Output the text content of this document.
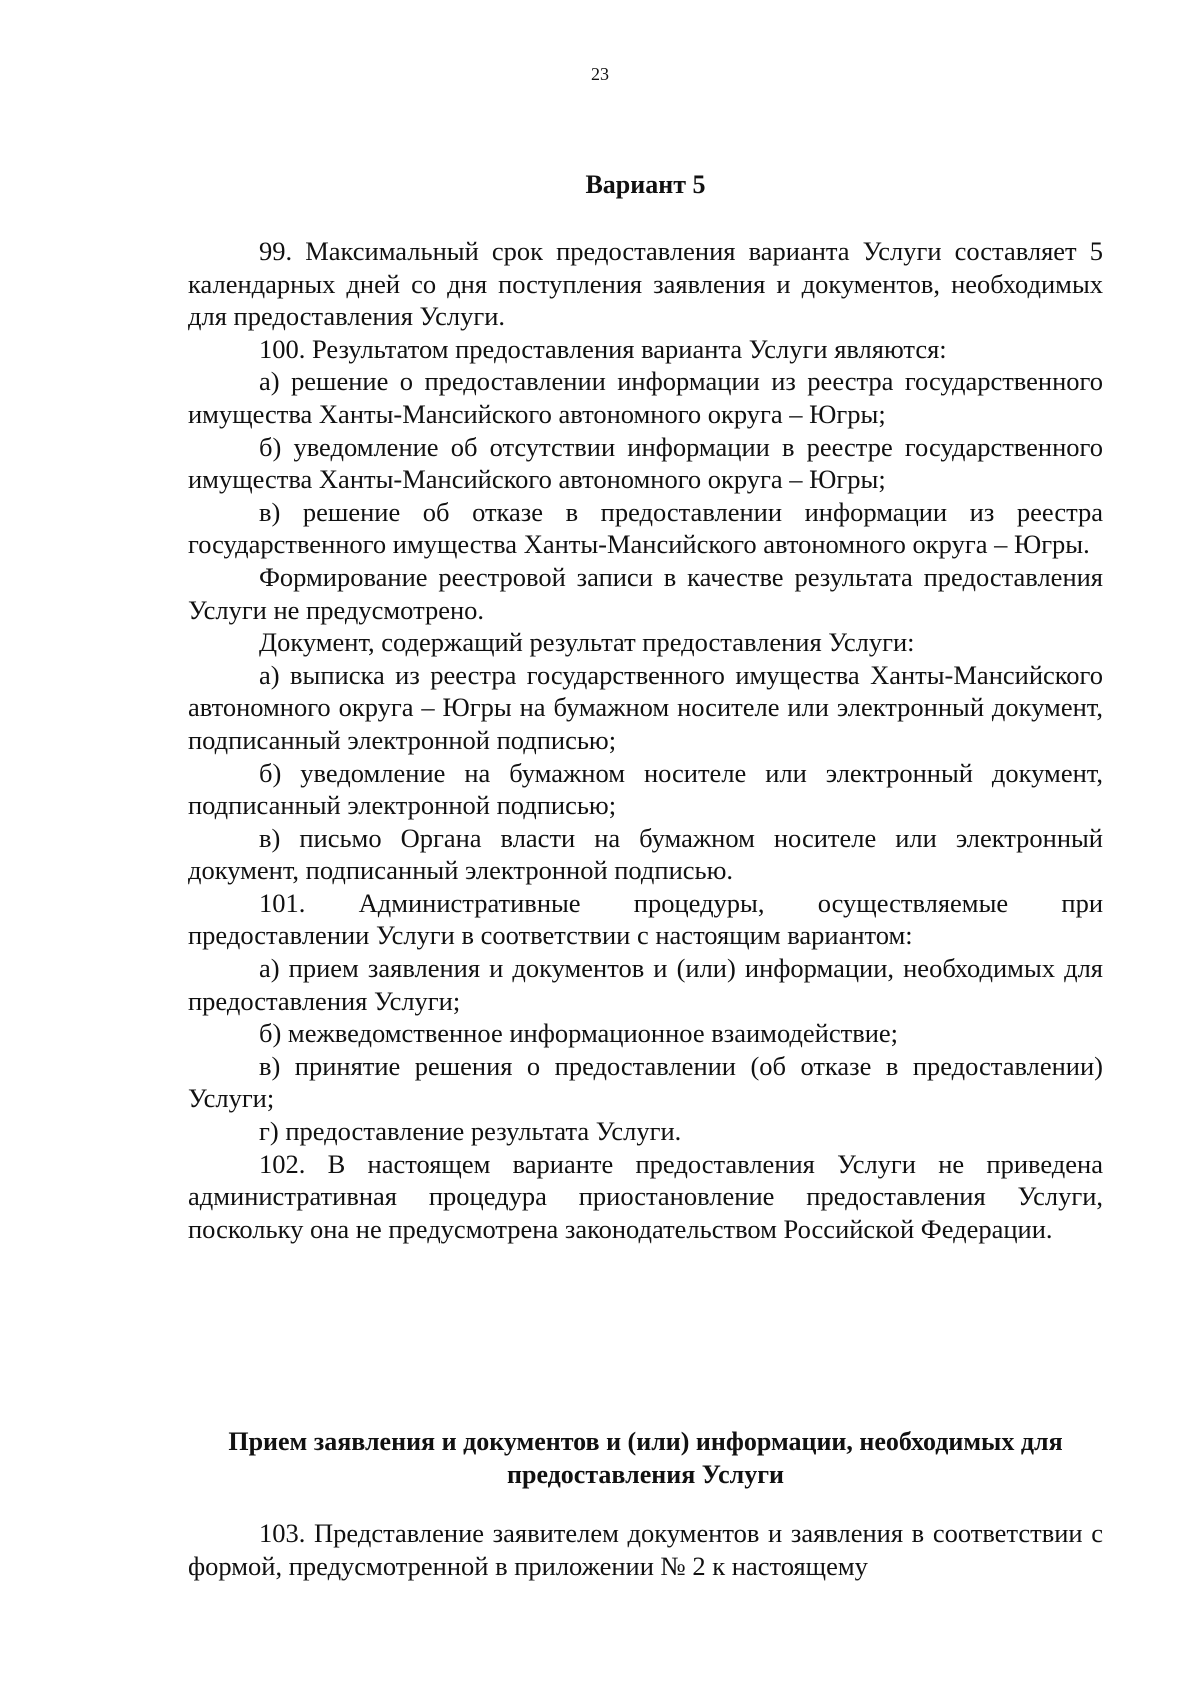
23
Вариант 5

99. Максимальный срок предоставления варианта Услуги составляет 5 календарных дней со дня поступления заявления и документов, необходимых для предоставления Услуги.

100. Результатом предоставления варианта Услуги являются:

а) решение о предоставлении информации из реестра государственного имущества Ханты-Мансийского автономного округа – Югры;

б) уведомление об отсутствии информации в реестре государственного имущества Ханты-Мансийского автономного округа – Югры;

в) решение об отказе в предоставлении информации из реестра государственного имущества Ханты-Мансийского автономного округа – Югры.

Формирование реестровой записи в качестве результата предоставления Услуги не предусмотрено.

Документ, содержащий результат предоставления Услуги:

а) выписка из реестра государственного имущества Ханты-Мансийского автономного округа – Югры на бумажном носителе или электронный документ, подписанный электронной подписью;

б) уведомление на бумажном носителе или электронный документ, подписанный электронной подписью;

в) письмо Органа власти на бумажном носителе или электронный документ, подписанный электронной подписью.

101. Административные процедуры, осуществляемые при предоставлении Услуги в соответствии с настоящим вариантом:

а) прием заявления и документов и (или) информации, необходимых для предоставления Услуги;

б) межведомственное информационное взаимодействие;

в) принятие решения о предоставлении (об отказе в предоставлении) Услуги;

г) предоставление результата Услуги.

102. В настоящем варианте предоставления Услуги не приведена административная процедура приостановление предоставления Услуги, поскольку она не предусмотрена законодательством Российской Федерации.

Прием заявления и документов и (или) информации, необходимых для предоставления Услуги

103. Представление заявителем документов и заявления в соответствии с формой, предусмотренной в приложении № 2 к настоящему
